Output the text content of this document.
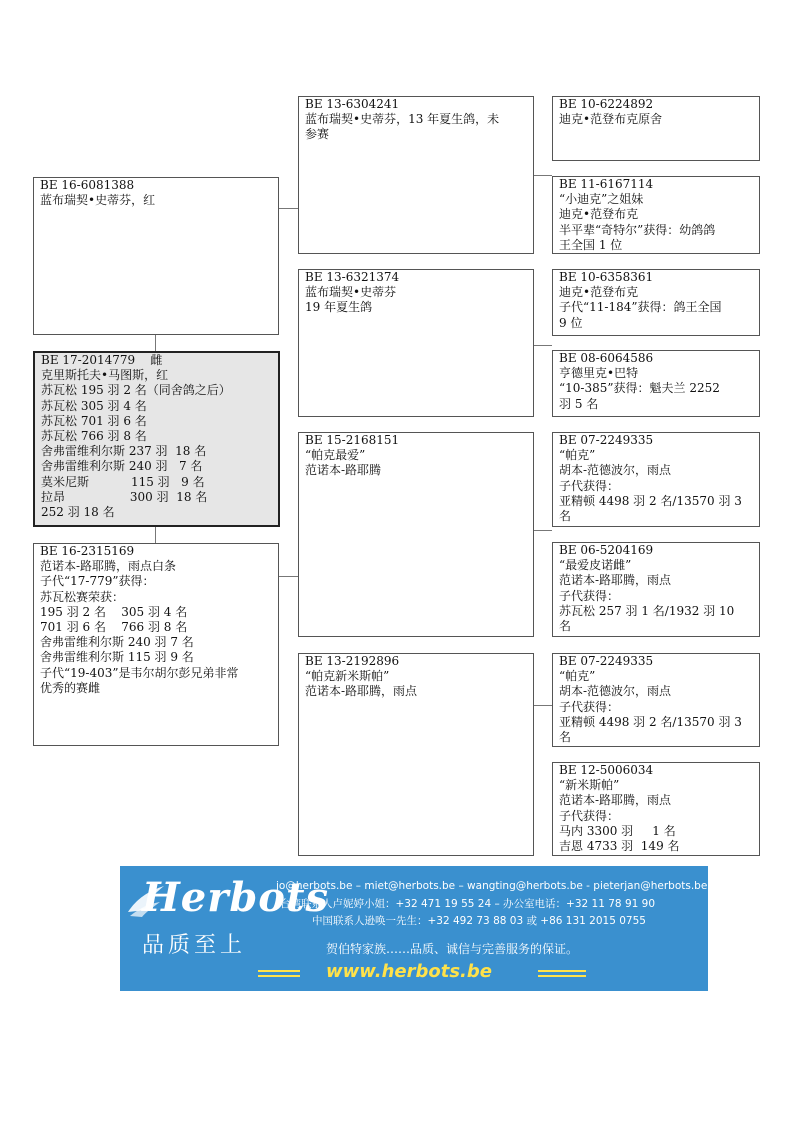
BE 16-6081388
蓝布瑞契•史蒂芬，红
BE 17-2014779    雌
克里斯托夫•马图斯，红
苏瓦松 195 羽 2 名（同舍鸽之后）
苏瓦松 305 羽 4 名
苏瓦松 701 羽 6 名
苏瓦松 766 羽 8 名
舍弗雷维利尔斯 237 羽  18 名
舍弗雷维利尔斯 240 羽   7 名
莫米尼斯           115 羽   9 名
拉昂                 300 羽  18 名
252 羽 18 名
BE 16-2315169
范诺本-路耶腾，雨点白条
子代“17-779”获得：
苏瓦松赛荣获：
195 羽 2 名    305 羽 4 名
701 羽 6 名    766 羽 8 名
舍弗雷维利尔斯 240 羽 7 名
舍弗雷维利尔斯 115 羽 9 名
子代“19-403”是韦尔胡尔彭兄弟非常
优秀的赛雌
BE 13-6304241
蓝布瑞契•史蒂芬，13 年夏生鸽，未
参赛
BE 13-6321374
蓝布瑞契•史蒂芬
19 年夏生鸽
BE 15-2168151
“帕克最爱”
范诺本-路耶腾
BE 13-2192896
“帕克新米斯帕”
范诺本-路耶腾，雨点
BE 10-6224892
迪克•范登布克原舍
BE 11-6167114
“小迪克”之姐妹
迪克•范登布克
半平辈“奇特尔”获得：幼鸽鸽
王全国 1 位
BE 10-6358361
迪克•范登布克
子代“11-184”获得：鸽王全国
9 位
BE 08-6064586
亨德里克•巴特
“10-385”获得：魁夫兰 2252
羽 5 名
BE 07-2249335
“帕克”
胡本-范德波尔，雨点
子代获得：
亚精顿 4498 羽 2 名/13570 羽 3
名
BE 06-5204169
“最爱皮诺雌”
范诺本-路耶腾，雨点
子代获得：
苏瓦松 257 羽 1 名/1932 羽 10
名
BE 07-2249335
“帕克”
胡本-范德波尔，雨点
子代获得：
亚精顿 4498 羽 2 名/13570 羽 3
名
BE 12-5006034
“新米斯帕”
范诺本-路耶腾，雨点
子代获得：
马内 3300 羽     1 名
吉恩 4733 羽  149 名
Herbots
品质至上
jo@herbots.be – miet@herbots.be – wangting@herbots.be - pieterjan@herbots.be
台湾联系人卢妮婷小姐：+32 471 19 55 24 – 办公室电话：+32 11 78 91 90
中国联系人逊唤一先生：+32 492 73 88 03 或 +86 131 2015 0755
贺伯特家族……品质、诚信与完善服务的保证。
www.herbots.be
